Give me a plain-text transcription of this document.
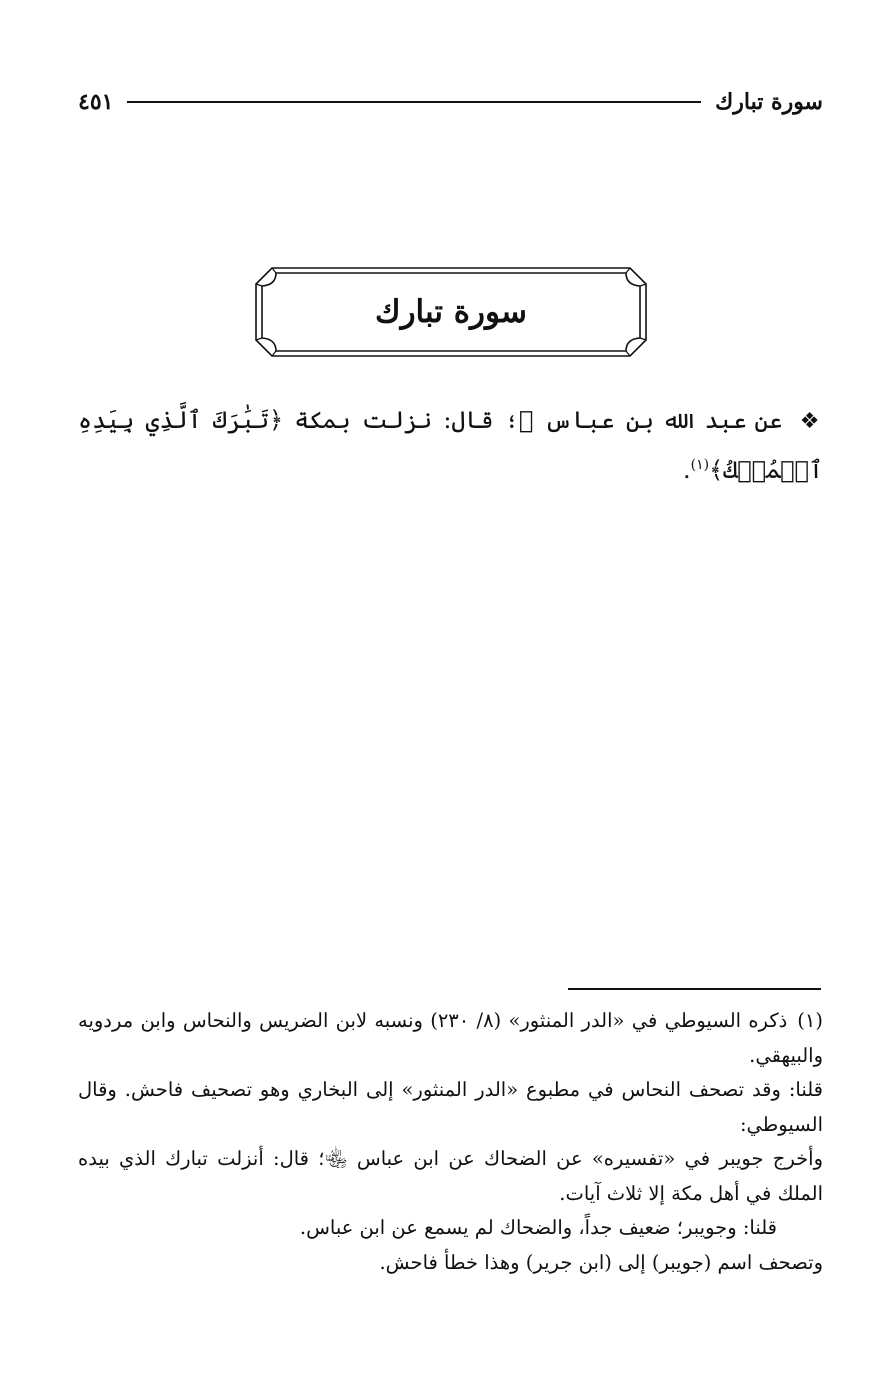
سورة تبارك
٤٥١
سورة تبارك
❖ عن عبد الله بن عباس ﵄؛ قال: نزلت بمكة ﴿تَبَٰرَكَ ٱلَّذِي بِيَدِهِ ٱلۡمُلۡكُ﴾$^{(١)}$.
(١)ذكره السيوطي في «الدر المنثور» (٨/ ٢٣٠) ونسبه لابن الضريس والنحاس وابن مردويه والبيهقي.
قلنا: وقد تصحف النحاس في مطبوع «الدر المنثور» إلى البخاري وهو تصحيف فاحش. وقال السيوطي:
وأخرج جويبر في «تفسيره» عن الضحاك عن ابن عباس ﵄؛ قال: أنزلت تبارك الذي بيده الملك في أهل مكة إلا ثلاث آيات.
قلنا: وجويبر؛ ضعيف جداً، والضحاك لم يسمع عن ابن عباس.
وتصحف اسم (جويبر) إلى (ابن جرير) وهذا خطأ فاحش.
